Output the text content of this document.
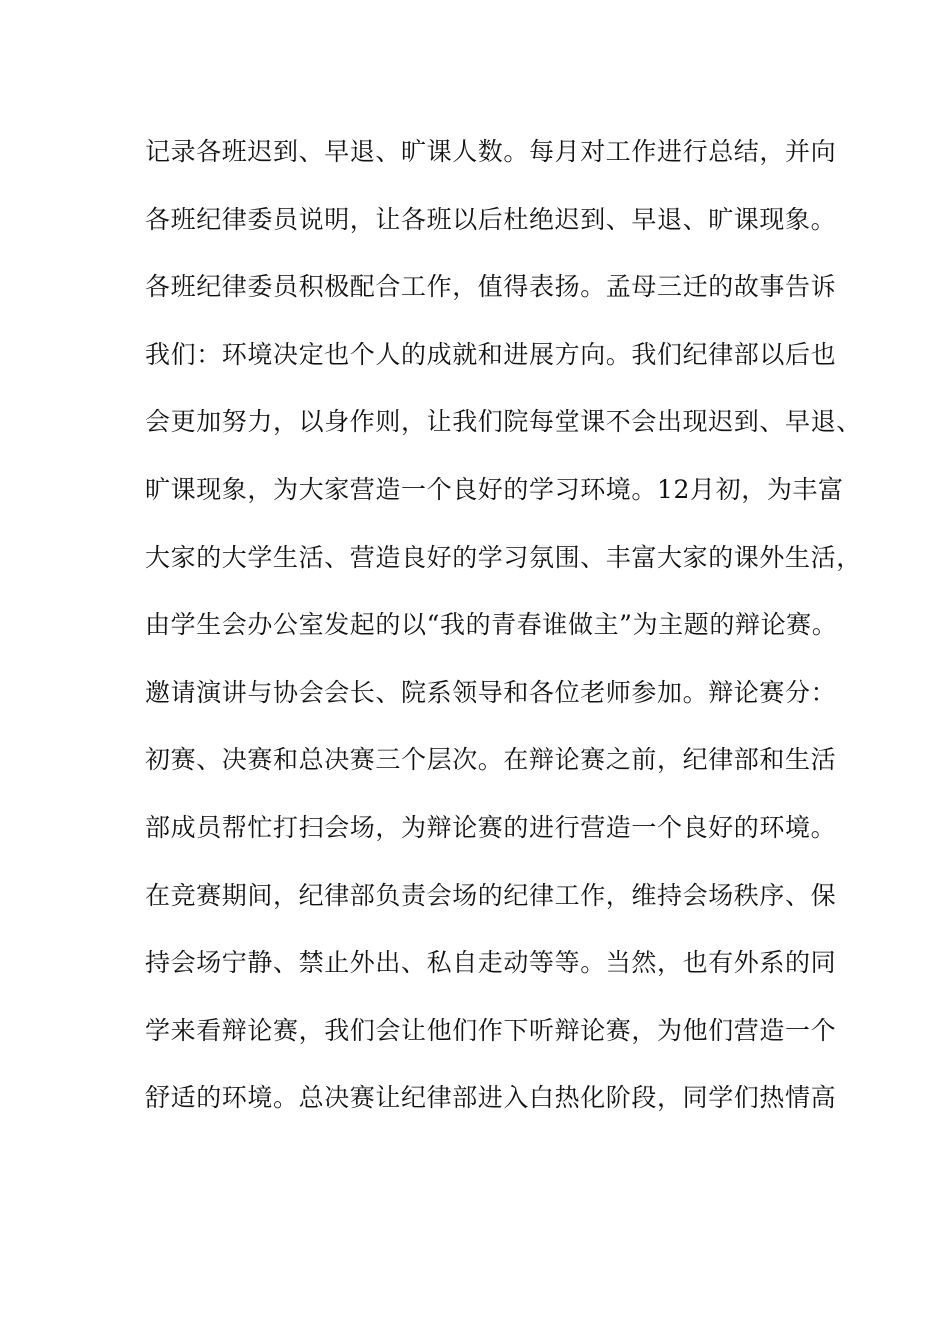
记录各班迟到、早退、旷课人数。每月对工作进行总结，并向
各班纪律委员说明，让各班以后杜绝迟到、早退、旷课现象。
各班纪律委员积极配合工作，值得表扬。孟母三迁的故事告诉
我们：环境决定也个人的成就和进展方向。我们纪律部以后也
会更加努力，以身作则，让我们院每堂课不会出现迟到、早退、
旷课现象，为大家营造一个良好的学习环境。12月初，为丰富
大家的大学生活、营造良好的学习氛围、丰富大家的课外生活，
由学生会办公室发起的以“我的青春谁做主”为主题的辩论赛。
邀请演讲与协会会长、院系领导和各位老师参加。辩论赛分：
初赛、决赛和总决赛三个层次。在辩论赛之前，纪律部和生活
部成员帮忙打扫会场，为辩论赛的进行营造一个良好的环境。
在竞赛期间，纪律部负责会场的纪律工作，维持会场秩序、保
持会场宁静、禁止外出、私自走动等等。当然，也有外系的同
学来看辩论赛，我们会让他们作下听辩论赛，为他们营造一个
舒适的环境。总决赛让纪律部进入白热化阶段，同学们热情高
